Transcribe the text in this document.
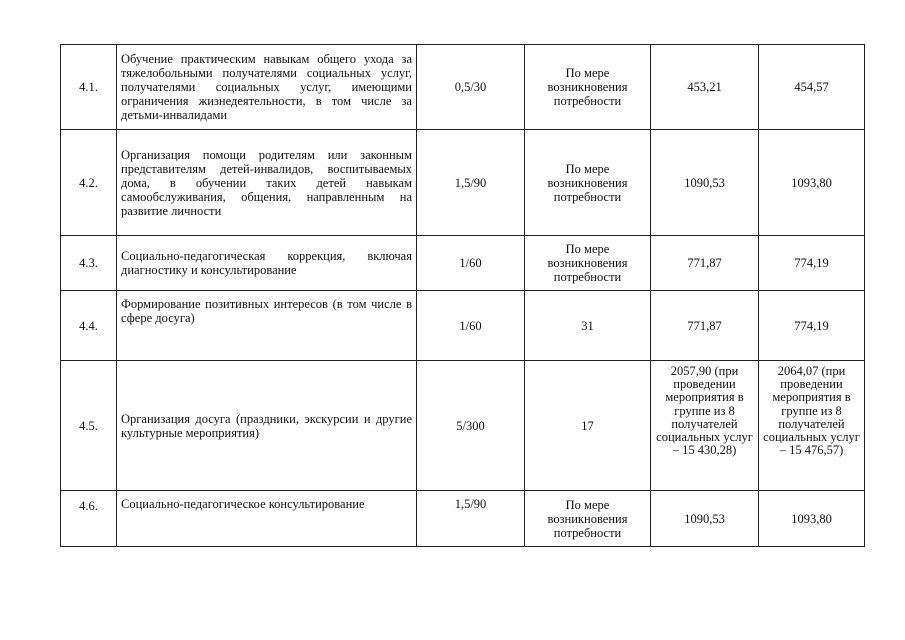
4.1.	Обучение практическим навыкам общего ухода за тяжелобольными получателями социальных услуг, получателями социальных услуг, имеющими ограничения жизнедеятельности, в том числе за детьми-инвалидами	0,5/30	По мере возникновения потребности	453,21	454,57
4.2.	Организация помощи родителям или законным представителям детей-инвалидов, воспитываемых дома, в обучении таких детей навыкам самообслуживания, общения, направленным на развитие личности	1,5/90	По мере возникновения потребности	1090,53	1093,80
4.3.	Социально-педагогическая коррекция, включая диагностику и консультирование	1/60	По мере возникновения потребности	771,87	774,19
4.4.	Формирование позитивных интересов (в том числе в сфере досуга)	1/60	31	771,87	774,19
4.5.	Организация досуга (праздники, экскурсии и другие культурные мероприятия)	5/300	17	2057,90 (при проведении мероприятия в группе из 8 получателей социальных услуг – 15 430,28)	2064,07 (при проведении мероприятия в группе из 8 получателей социальных услуг – 15 476,57)

4.6.	Социально-педагогическое консультирование	1,5/90	По мере возникновения потребности	1090,53	1093,80
